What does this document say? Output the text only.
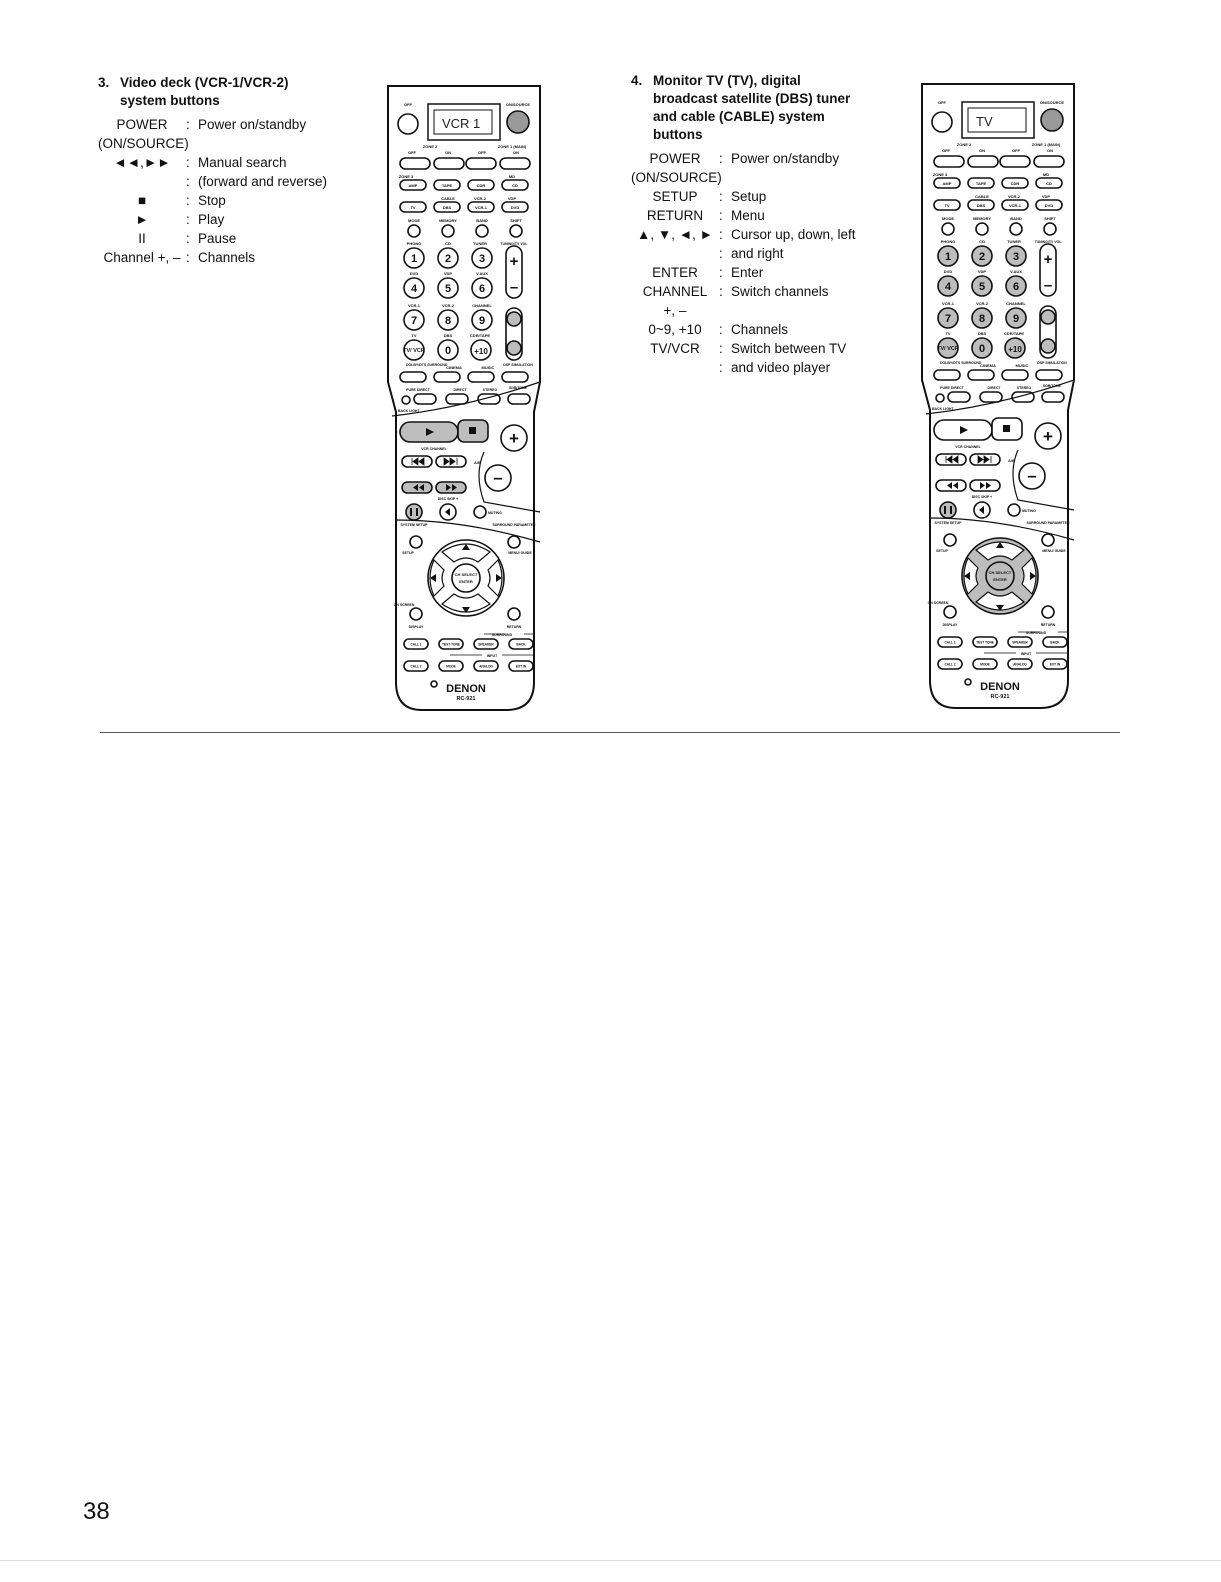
3. Video deck (VCR-1/VCR-2)
system buttons

POWER	: Power on/standby
(ON/SOURCE)
◄◄,►►	: Manual search
: (forward and reverse)
■	: Stop
►	: Play
II	: Pause
Channel +, – : Channels

4. Monitor TV (TV), digital
broadcast satellite (DBS) tuner
and cable (CABLE) system
buttons

POWER	: Power on/standby
(ON/SOURCE)
SETUP	: Setup
RETURN	: Menu
▲, ▼, ◄, ► : Cursor up, down, left
: and right
ENTER	: Enter
CHANNEL : Switch channels
+, –
0~9, +10	: Channels
TV/VCR	: Switch between TV
: and video player
OFF	ON/SOURCE
VCR 1
ZONE 2	ZONE 1 (MAIN)
OFF	ON	OFF	ON
ZONE 3	MD
AMP	TAPE	CDR	CD
CABLE	VCR-2	VDP
TV	DBS	VCR-1	DVD
MODE	MEMORY	BAND	SHIFT
PHONO	CD	TUNER	TUNING/TV VOL
1	2	3
DVD	VDP	V.AUX
4	5	6
VCR-1	VCR-2	CHANNEL
7	8	9
TV	DBS	CDR/TAPE
TV/ VCR 0	+10
+
–
DOLBY/DTS SURROUND
CINEMA	MUSIC DSP SIMULATION
PURE DIRECT	DIRECT	STEREO	SDB/TONE
BACK LIGHT
+
VCR CHANNEL
A/B
–
DISC SKIP +
MUTING
SYSTEM SETUP	SURROUND PARAMETER
SETUP	MENU/ GUIDE
CH SELECT
ENTER
ON SCREEN
DISPLAY	RETURN
SURROUND
CALL 1	TEST TONE	SPEAKER	BACK
INPUT
CALL 2	MODE	ANALOG	EXT IN
DENON
RC-921
OFF	ON/SOURCE
TV
ZONE 2	ZONE 1 (MAIN)
OFF	ON	OFF	ON
ZONE 3	MD
AMP	TAPE	CDR	CD
CABLE	VCR-2	VDP
TV	DBS	VCR-1	DVD
MODE	MEMORY	BAND	SHIFT
PHONO	CD	TUNER	TUNING/TV VOL
1	2	3
DVD	VDP	V.AUX
4	5	6
VCR-1	VCR-2	CHANNEL
7	8	9
TV	DBS	CDR/TAPE
TV/ VCR 0	+10
+
–
DOLBY/DTS SURROUND
CINEMA	MUSIC DSP SIMULATION
PURE DIRECT	DIRECT	STEREO	SDB/TONE
BACK LIGHT
+
VCR CHANNEL
A/B
–
DISC SKIP +
MUTING
SYSTEM SETUP	SURROUND PARAMETER
SETUP	MENU/ GUIDE
CH SELECT
ENTER
ON SCREEN
DISPLAY	RETURN
SURROUND
CALL 1	TEST TONE	SPEAKER	BACK
INPUT
CALL 2	MODE	ANALOG	EXT IN
DENON
RC-921
38
